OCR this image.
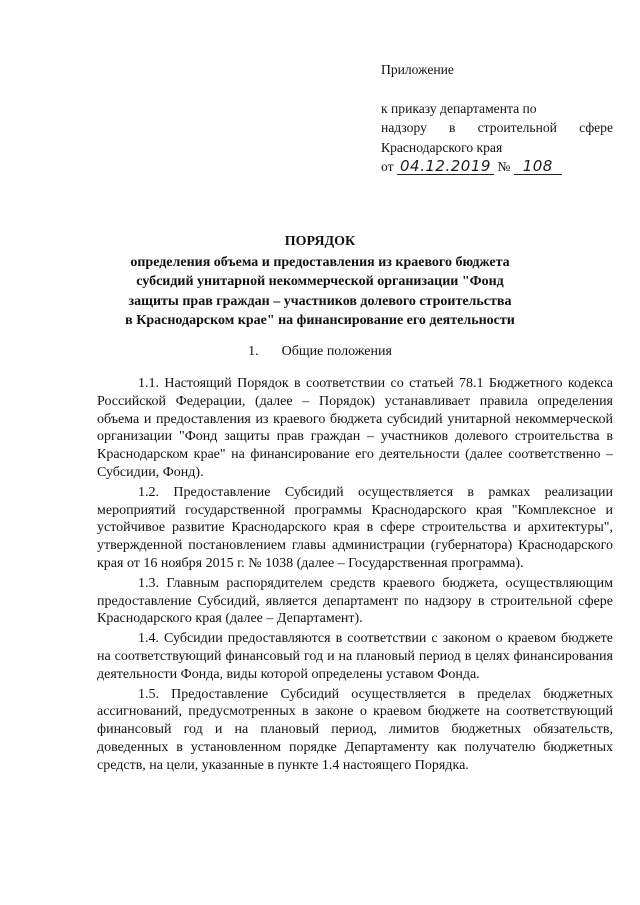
Приложение
к приказу департамента по
надзору в строительной сфере
Краснодарского края
от 04.12.2019 № 108
ПОРЯДОК
определения объема и предоставления из краевого бюджета
субсидий унитарной некоммерческой организации "Фонд
защиты прав граждан – участников долевого строительства
в Краснодарском крае" на финансирование его деятельности
1. Общие положения

1.1. Настоящий Порядок в соответствии со статьей 78.1 Бюджетного кодекса Российской Федерации, (далее – Порядок) устанавливает правила определения объема и предоставления из краевого бюджета субсидий унитарной некоммерческой организации "Фонд защиты прав граждан – участников долевого строительства в Краснодарском крае" на финансирование его деятельности (далее соответственно – Субсидии, Фонд).

1.2. Предоставление Субсидий осуществляется в рамках реализации мероприятий государственной программы Краснодарского края "Комплексное и устойчивое развитие Краснодарского края в сфере строительства и архитектуры", утвержденной постановлением главы администрации (губернатора) Краснодарского края от 16 ноября 2015 г. № 1038 (далее – Государственная программа).

1.3. Главным распорядителем средств краевого бюджета, осуществляющим предоставление Субсидий, является департамент по надзору в строительной сфере Краснодарского края (далее – Департамент).

1.4. Субсидии предоставляются в соответствии с законом о краевом бюджете на соответствующий финансовый год и на плановый период в целях финансирования деятельности Фонда, виды которой определены уставом Фонда.

1.5. Предоставление Субсидий осуществляется в пределах бюджетных ассигнований, предусмотренных в законе о краевом бюджете на соответствующий финансовый год и на плановый период, лимитов бюджетных обязательств, доведенных в установленном порядке Департаменту как получателю бюджетных средств, на цели, указанные в пункте 1.4 настоящего Порядка.
